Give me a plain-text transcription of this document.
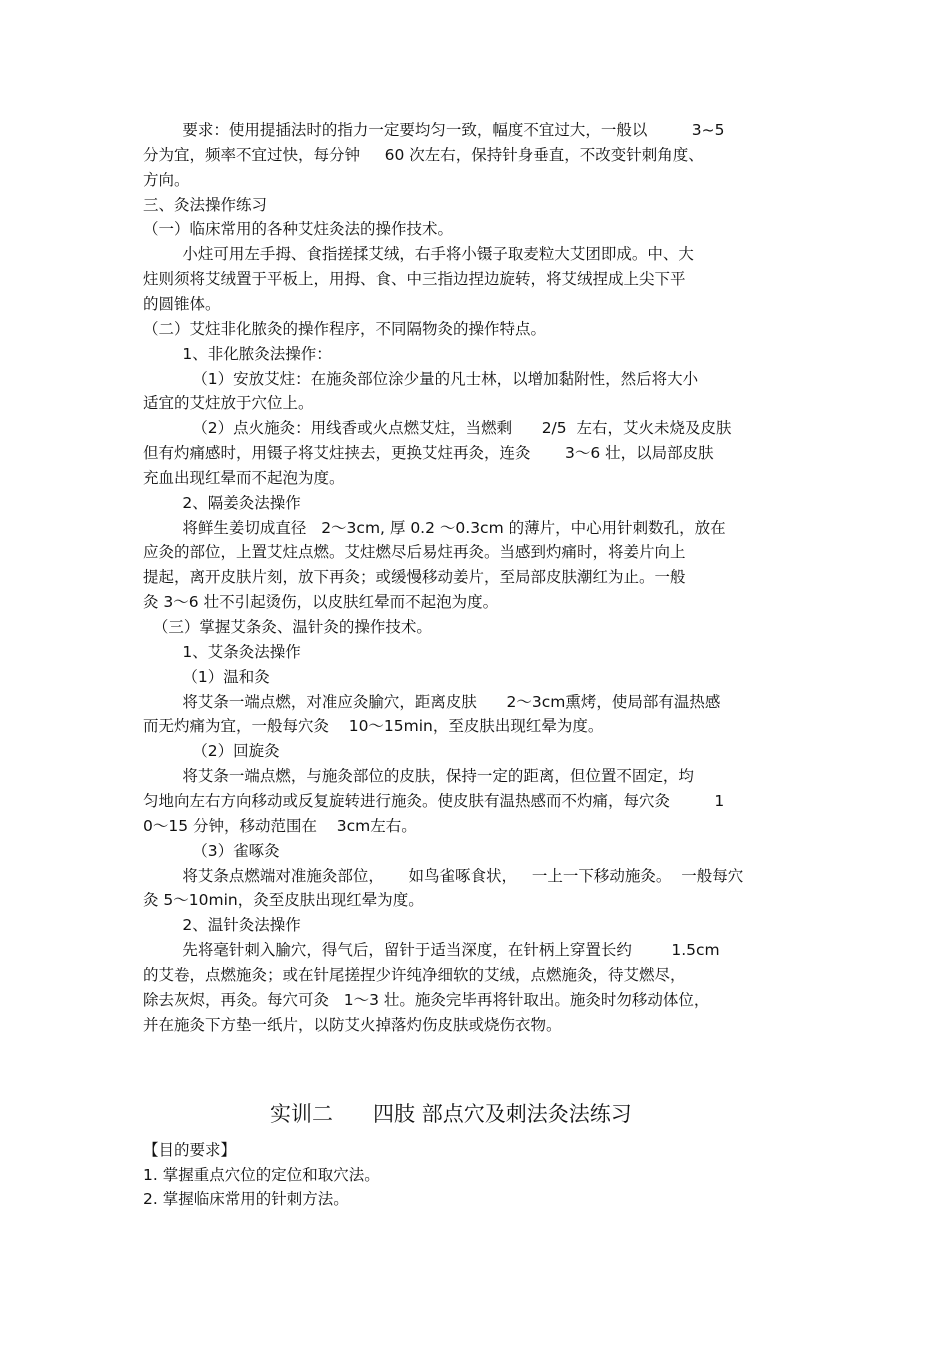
要求：使用提插法时的指力一定要均匀一致，幅度不宜过大，一般以         3~5
分为宜，频率不宜过快，每分钟     60 次左右，保持针身垂直，不改变针刺角度、
方向。
三、灸法操作练习
（一）临床常用的各种艾炷灸法的操作技术。
小炷可用左手拇、食指搓揉艾绒，右手将小镊子取麦粒大艾团即成。中、大
炷则须将艾绒置于平板上，用拇、食、中三指边捏边旋转，将艾绒捏成上尖下平
的圆锥体。
（二）艾炷非化脓灸的操作程序，不同隔物灸的操作特点。
1、非化脓灸法操作：
（1）安放艾炷：在施灸部位涂少量的凡士林，以增加黏附性，然后将大小
适宜的艾炷放于穴位上。
（2）点火施灸：用线香或火点燃艾炷，当燃剩      2/5  左右，艾火未烧及皮肤
但有灼痛感时，用镊子将艾炷挟去，更换艾炷再灸，连灸       3～6 壮，以局部皮肤
充血出现红晕而不起泡为度。
2、隔姜灸法操作
将鲜生姜切成直径   2～3cm, 厚 0.2 ～0.3cm 的薄片，中心用针刺数孔，放在
应灸的部位，上置艾炷点燃。艾炷燃尽后易炷再灸。当感到灼痛时，将姜片向上
提起，离开皮肤片刻，放下再灸；或缓慢移动姜片，至局部皮肤潮红为止。一般
灸 3～6 壮不引起烫伤，以皮肤红晕而不起泡为度。
（三）掌握艾条灸、温针灸的操作技术。
1、艾条灸法操作
（1）温和灸
将艾条一端点燃，对准应灸腧穴，距离皮肤      2～3cm熏烤，使局部有温热感
而无灼痛为宜，一般每穴灸    10～15min，至皮肤出现红晕为度。
（2）回旋灸
将艾条一端点燃，与施灸部位的皮肤，保持一定的距离，但位置不固定，均
匀地向左右方向移动或反复旋转进行施灸。使皮肤有温热感而不灼痛，每穴灸         1
0～15 分钟，移动范围在    3cm左右。
（3）雀啄灸
将艾条点燃端对准施灸部位，     如鸟雀啄食状，   一上一下移动施灸。  一般每穴
灸 5～10min，灸至皮肤出现红晕为度。
2、温针灸法操作
先将毫针刺入腧穴，得气后，留针于适当深度，在针柄上穿置长约        1.5cm
的艾卷，点燃施灸；或在针尾搓捏少许纯净细软的艾绒，点燃施灸，待艾燃尽，
除去灰烬，再灸。每穴可灸   1～3 壮。施灸完毕再将针取出。施灸时勿移动体位，
并在施灸下方垫一纸片，以防艾火掉落灼伤皮肤或烧伤衣物。
实训二      四肢 部点穴及刺法灸法练习
【目的要求】
1. 掌握重点穴位的定位和取穴法。
2. 掌握临床常用的针刺方法。
